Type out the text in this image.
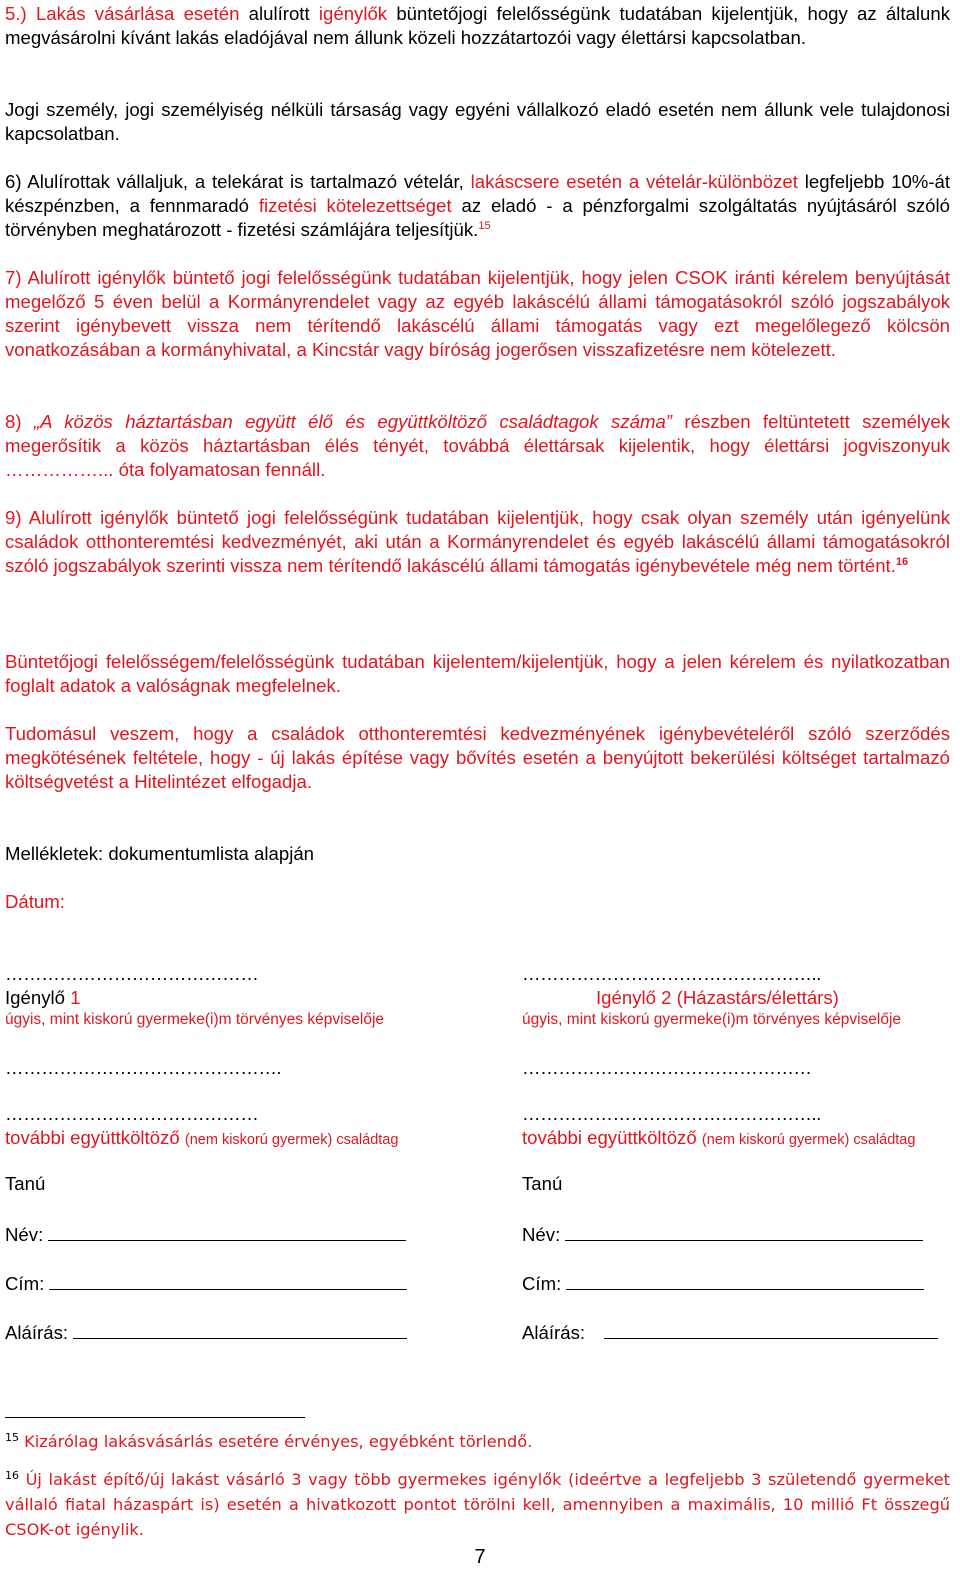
5.) Lakás vásárlása esetén alulírott igénylők büntetőjogi felelősségünk tudatában kijelentjük, hogy az általunk megvásárolni kívánt lakás eladójával nem állunk közeli hozzátartozói vagy élettársi kapcsolatban.

Jogi személy, jogi személyiség nélküli társaság vagy egyéni vállalkozó eladó esetén nem állunk vele tulajdonosi kapcsolatban.

6) Alulírottak vállaljuk, a telekárat is tartalmazó vételár, lakáscsere esetén a vételár-különbözet legfeljebb 10%-át készpénzben, a fennmaradó fizetési kötelezettséget az eladó - a pénzforgalmi szolgáltatás nyújtásáról szóló törvényben meghatározott - fizetési számlájára teljesítjük.$^{15}$

7) Alulírott igénylők büntető jogi felelősségünk tudatában kijelentjük, hogy jelen CSOK iránti kérelem benyújtását megelőző 5 éven belül a Kormányrendelet vagy az egyéb lakáscélú állami támogatásokról szóló jogszabályok szerint igénybevett vissza nem térítendő lakáscélú állami támogatás vagy ezt megelőlegező kölcsön vonatkozásában a kormányhivatal, a Kincstár vagy bíróság jogerősen visszafizetésre nem kötelezett.

8) „A közös háztartásban együtt élő és együttköltöző családtagok száma” részben feltüntetett személyek megerősítik a közös háztartásban élés tényét, továbbá élettársak kijelentik, hogy élettársi jogviszonyuk ……………... óta folyamatosan fennáll.

9) Alulírott igénylők büntető jogi felelősségünk tudatában kijelentjük, hogy csak olyan személy után igényelünk családok otthonteremtési kedvezményét, aki után a Kormányrendelet és egyéb lakáscélú állami támogatásokról szóló jogszabályok szerinti vissza nem térítendő lakáscélú állami támogatás igénybevétele még nem történt.$^{16}$

Büntetőjogi felelősségem/felelősségünk tudatában kijelentem/kijelentjük, hogy a jelen kérelem és nyilatkozatban foglalt adatok a valóságnak megfelelnek.

Tudomásul veszem, hogy a családok otthonteremtési kedvezményének igénybevételéről szóló szerződés megkötésének feltétele, hogy - új lakás építése vagy bővítés esetén a benyújtott bekerülési költséget tartalmazó költségvetést a Hitelintézet elfogadja.

Mellékletek: dokumentumlista alapján

Dátum:

……………………………………	…………………………………………..

Igénylő 1	Igénylő 2 (Házastárs/élettárs)

úgyis, mint kiskorú gyermeke(i)m törvényes képviselője	úgyis, mint kiskorú gyermeke(i)m törvényes képviselője

……………………………………….	…………………………………………

……………………………………	…………………………………………..

további együttköltöző (nem kiskorú gyermek) családtag	további együttköltöző (nem kiskorú gyermek) családtag

Tanú	Tanú

Név:	Név:

Cím:	Cím:

Aláírás:	Aláírás:

$^{15}$ Kizárólag lakásvásárlás esetére érvényes, egyébként törlendő.

$^{16}$ Új lakást építő/új lakást vásárló 3 vagy több gyermekes igénylők (ideértve a legfeljebb 3 születendő gyermeket vállaló fiatal házaspárt is) esetén a hivatkozott pontot törölni kell, amennyiben a maximális, 10 millió Ft összegű CSOK-ot igénylik.

7
